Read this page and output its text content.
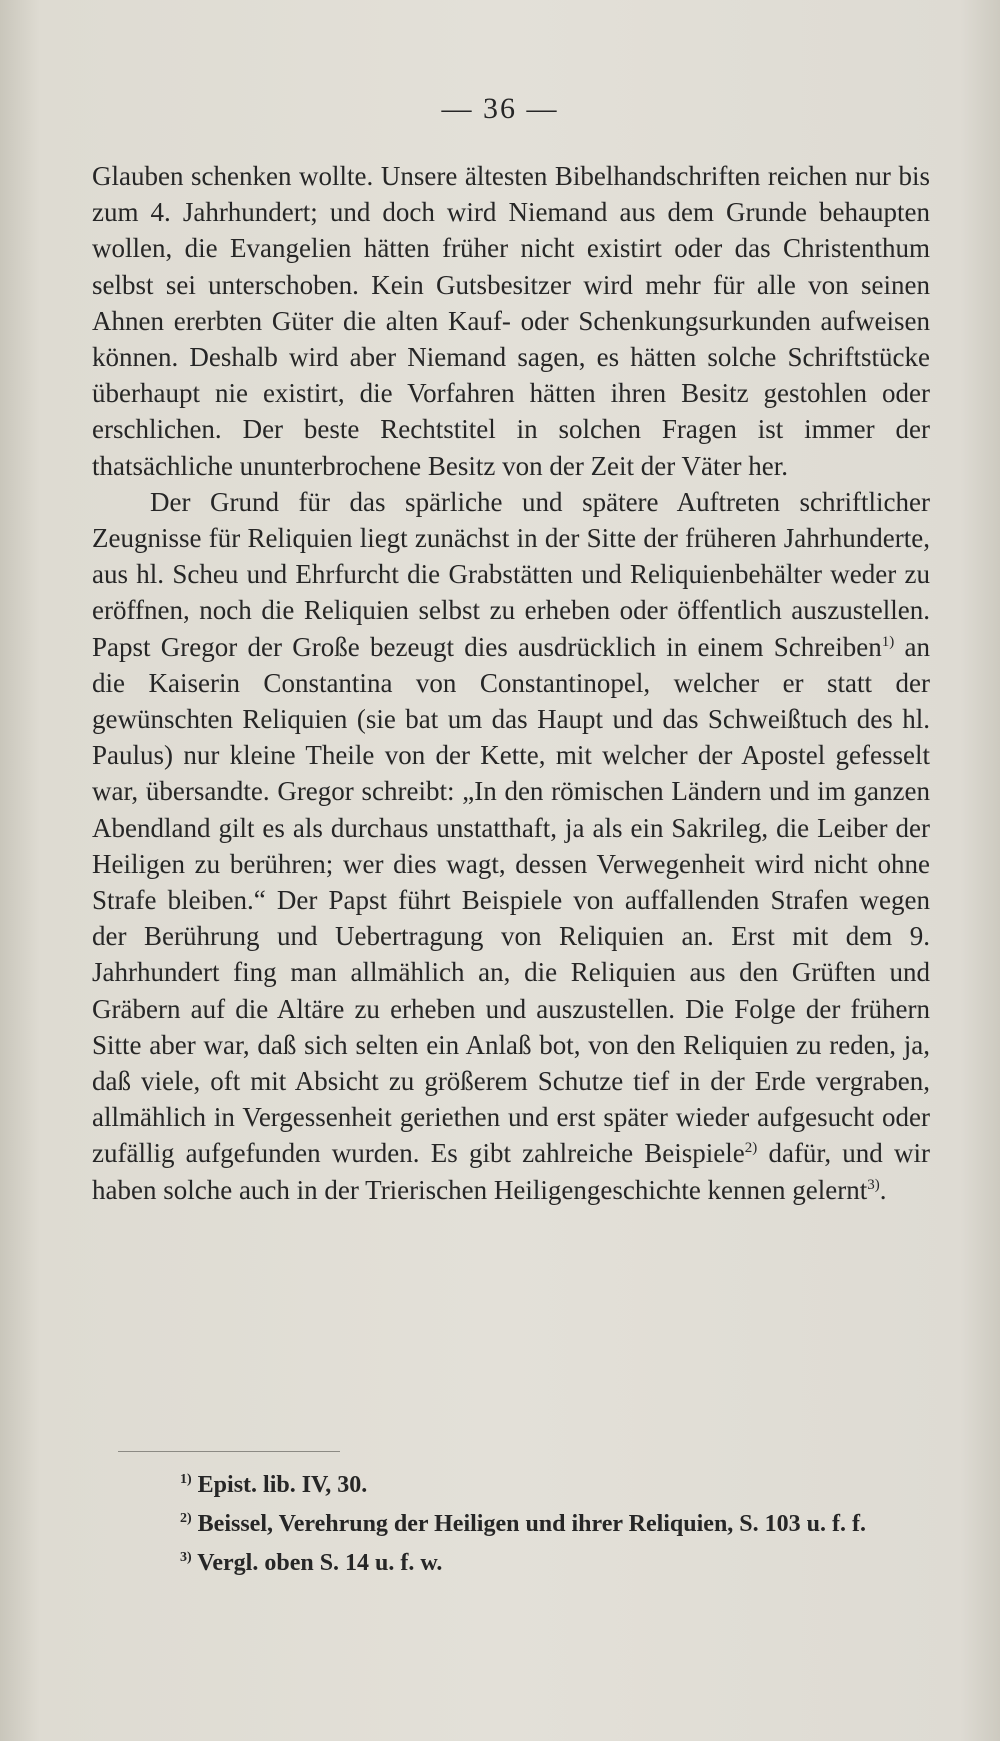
— 36 —

Glauben schenken wollte. Unsere ältesten Bibelhandschriften reichen nur bis zum 4. Jahrhundert; und doch wird Niemand aus dem Grunde behaupten wollen, die Evangelien hätten früher nicht existirt oder das Christenthum selbst sei unterschoben. Kein Gutsbesitzer wird mehr für alle von seinen Ahnen ererbten Güter die alten Kauf- oder Schenkungsurkunden aufweisen können. Deshalb wird aber Niemand sagen, es hätten solche Schriftstücke überhaupt nie existirt, die Vorfahren hätten ihren Besitz gestohlen oder erschlichen. Der beste Rechtstitel in solchen Fragen ist immer der thatsächliche ununterbrochene Besitz von der Zeit der Väter her.

Der Grund für das spärliche und spätere Auftreten schriftlicher Zeugnisse für Reliquien liegt zunächst in der Sitte der früheren Jahrhunderte, aus hl. Scheu und Ehrfurcht die Grabstätten und Reliquienbehälter weder zu eröffnen, noch die Reliquien selbst zu erheben oder öffentlich auszustellen. Papst Gregor der Große bezeugt dies ausdrücklich in einem Schreiben$^{1)}$ an die Kaiserin Constantina von Constantinopel, welcher er statt der gewünschten Reliquien (sie bat um das Haupt und das Schweißtuch des hl. Paulus) nur kleine Theile von der Kette, mit welcher der Apostel gefesselt war, übersandte. Gregor schreibt: „In den römischen Ländern und im ganzen Abendland gilt es als durchaus unstatthaft, ja als ein Sakrileg, die Leiber der Heiligen zu berühren; wer dies wagt, dessen Verwegenheit wird nicht ohne Strafe bleiben.“ Der Papst führt Beispiele von auffallenden Strafen wegen der Berührung und Uebertragung von Reliquien an. Erst mit dem 9. Jahrhundert fing man allmählich an, die Reliquien aus den Grüften und Gräbern auf die Altäre zu erheben und auszustellen. Die Folge der frühern Sitte aber war, daß sich selten ein Anlaß bot, von den Reliquien zu reden, ja, daß viele, oft mit Absicht zu größerem Schutze tief in der Erde vergraben, allmählich in Vergessenheit geriethen und erst später wieder aufgesucht oder zufällig aufgefunden wurden. Es gibt zahlreiche Beispiele$^{2)}$ dafür, und wir haben solche auch in der Trierischen Heiligengeschichte kennen gelernt$^{3)}$.

$^{1)}$ Epist. lib. IV, 30.
$^{2)}$ Beissel, Verehrung der Heiligen und ihrer Reliquien, S. 103 u. f. f.
$^{3)}$ Vergl. oben S. 14 u. f. w.
